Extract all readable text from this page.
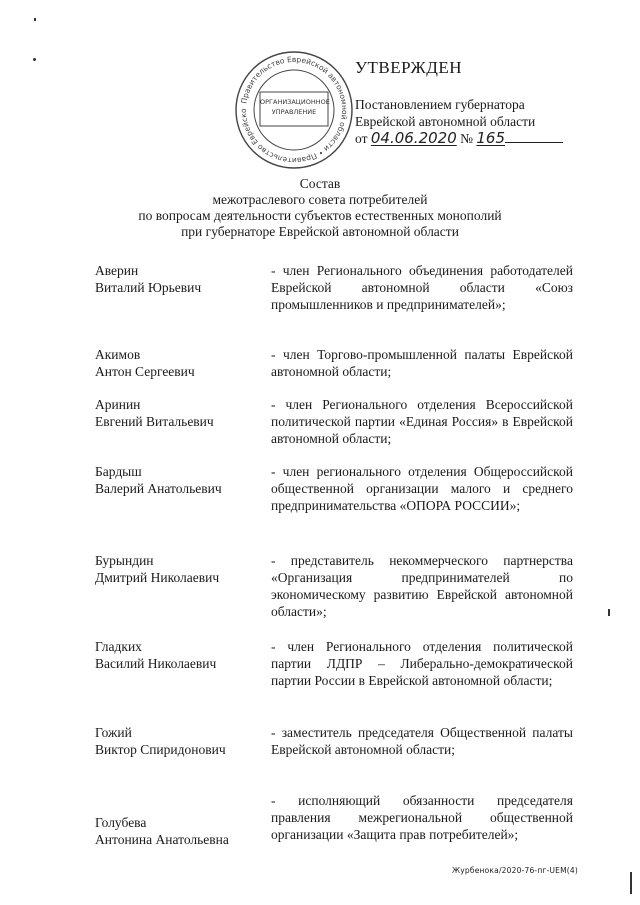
Правительство Еврейской автономной области • Правительство Еврейско
ОРГАНИЗАЦИОННОЕ
УПРАВЛЕНИЕ
УТВЕРЖДЕН
Постановлением губернатора
Еврейской автономной области
от 04.06.2020 № 165
Состав
межотраслевого совета потребителей
по вопросам деятельности субъектов естественных монополий
при губернаторе Еврейской автономной области
Аверин
Виталий Юрьевич
- член Регионального объединения работодателей Еврейской автономной области «Союз промышленников и предпринимателей»;
Акимов
Антон Сергеевич
- член Торгово-промышленной палаты Еврейской автономной области;
Аринин
Евгений Витальевич
- член Регионального отделения Всероссийской политической партии «Единая Россия» в Еврейской автономной области;
Бардыш
Валерий Анатольевич
- член регионального отделения Общероссийской общественной организации малого и среднего предпринимательства «ОПОРА РОССИИ»;
Бурындин
Дмитрий Николаевич
- представитель некоммерческого партнерства «Организация предпринимателей по экономическому развитию Еврейской автономной области»;
Гладких
Василий Николаевич
- член Регионального отделения политической партии ЛДПР – Либерально-демократической партии России в Еврейской автономной области;
Гожий
Виктор Спиридонович
- заместитель председателя Общественной палаты Еврейской автономной области;
Голубева
Антонина Анатольевна
- исполняющий обязанности председателя правления межрегиональной общественной организации «Защита прав потребителей»;
Журбенока/2020-76-пг-UEM(4)
